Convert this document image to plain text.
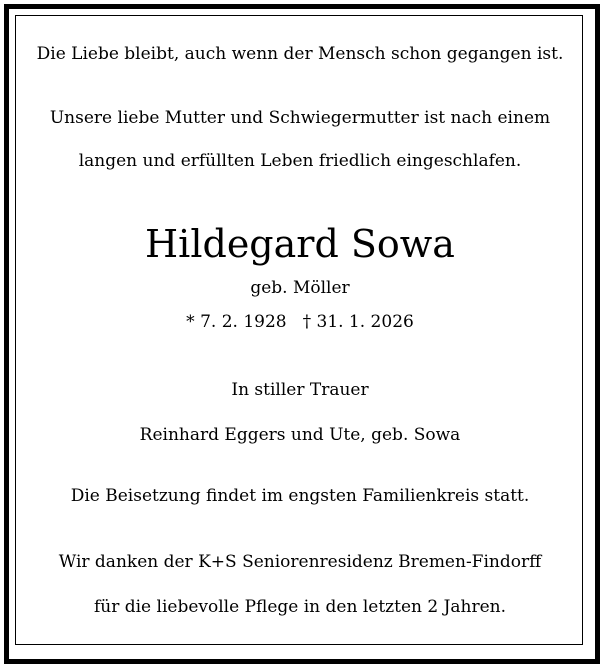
Die Liebe bleibt, auch wenn der Mensch schon gegangen ist.
Unsere liebe Mutter und Schwiegermutter ist nach einem
langen und erfüllten Leben friedlich eingeschlafen.
Hildegard Sowa
geb. Möller
* 7. 2. 1928 † 31. 1. 2026
In stiller Trauer
Reinhard Eggers und Ute, geb. Sowa
Die Beisetzung findet im engsten Familienkreis statt.
Wir danken der K+S Seniorenresidenz Bremen-Findorff
für die liebevolle Pflege in den letzten 2 Jahren.
